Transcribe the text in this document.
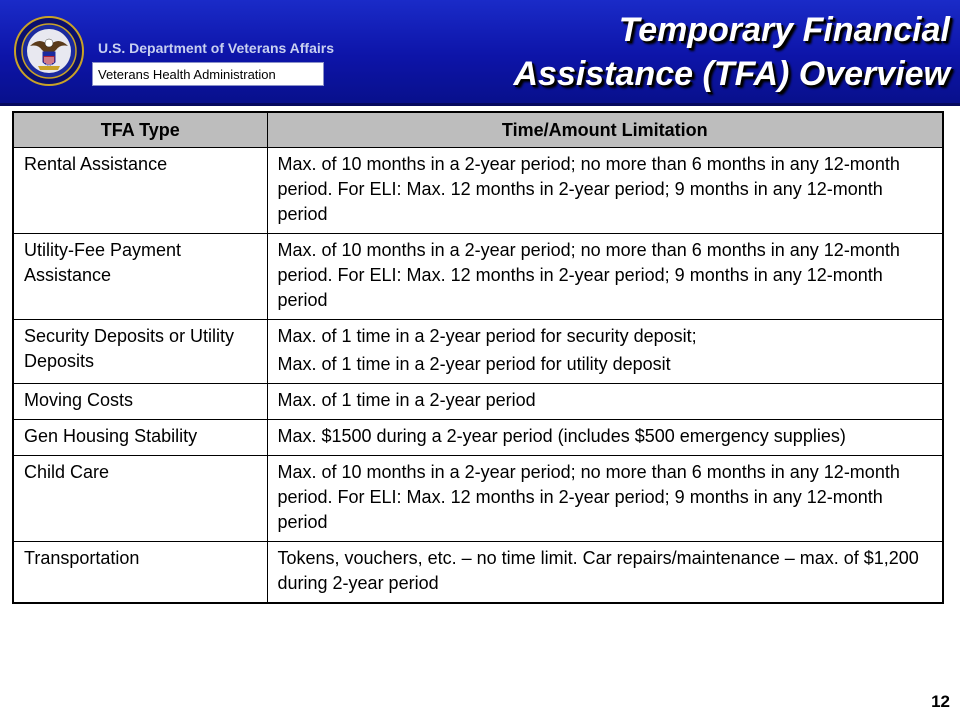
U.S. Department of Veterans Affairs
Veterans Health Administration
Temporary Financial
Assistance (TFA) Overview
TFA Type	Time/Amount Limitation
Rental Assistance	Max. of 10 months in a 2-year period; no more than 6 months in any 12-month period. For ELI: Max. 12 months in 2-year period; 9 months in any 12-month period

Utility-Fee Payment Assistance	Max. of 10 months in a 2-year period; no more than 6 months in any 12-month period. For ELI: Max. 12 months in 2-year period; 9 months in any 12-month period

Security Deposits or Utility Deposits	Max. of 1 time in a 2-year period for security deposit;

Max. of 1 time in a 2-year period for utility deposit

Moving Costs	Max. of 1 time in a 2-year period

Gen Housing Stability	Max. $1500 during a 2-year period (includes $500 emergency supplies)

Child Care	Max. of 10 months in a 2-year period; no more than 6 months in any 12-month period. For ELI: Max. 12 months in 2-year period; 9 months in any 12-month period

Transportation	Tokens, vouchers, etc. – no time limit. Car repairs/maintenance – max. of $1,200 during 2-year period

12
